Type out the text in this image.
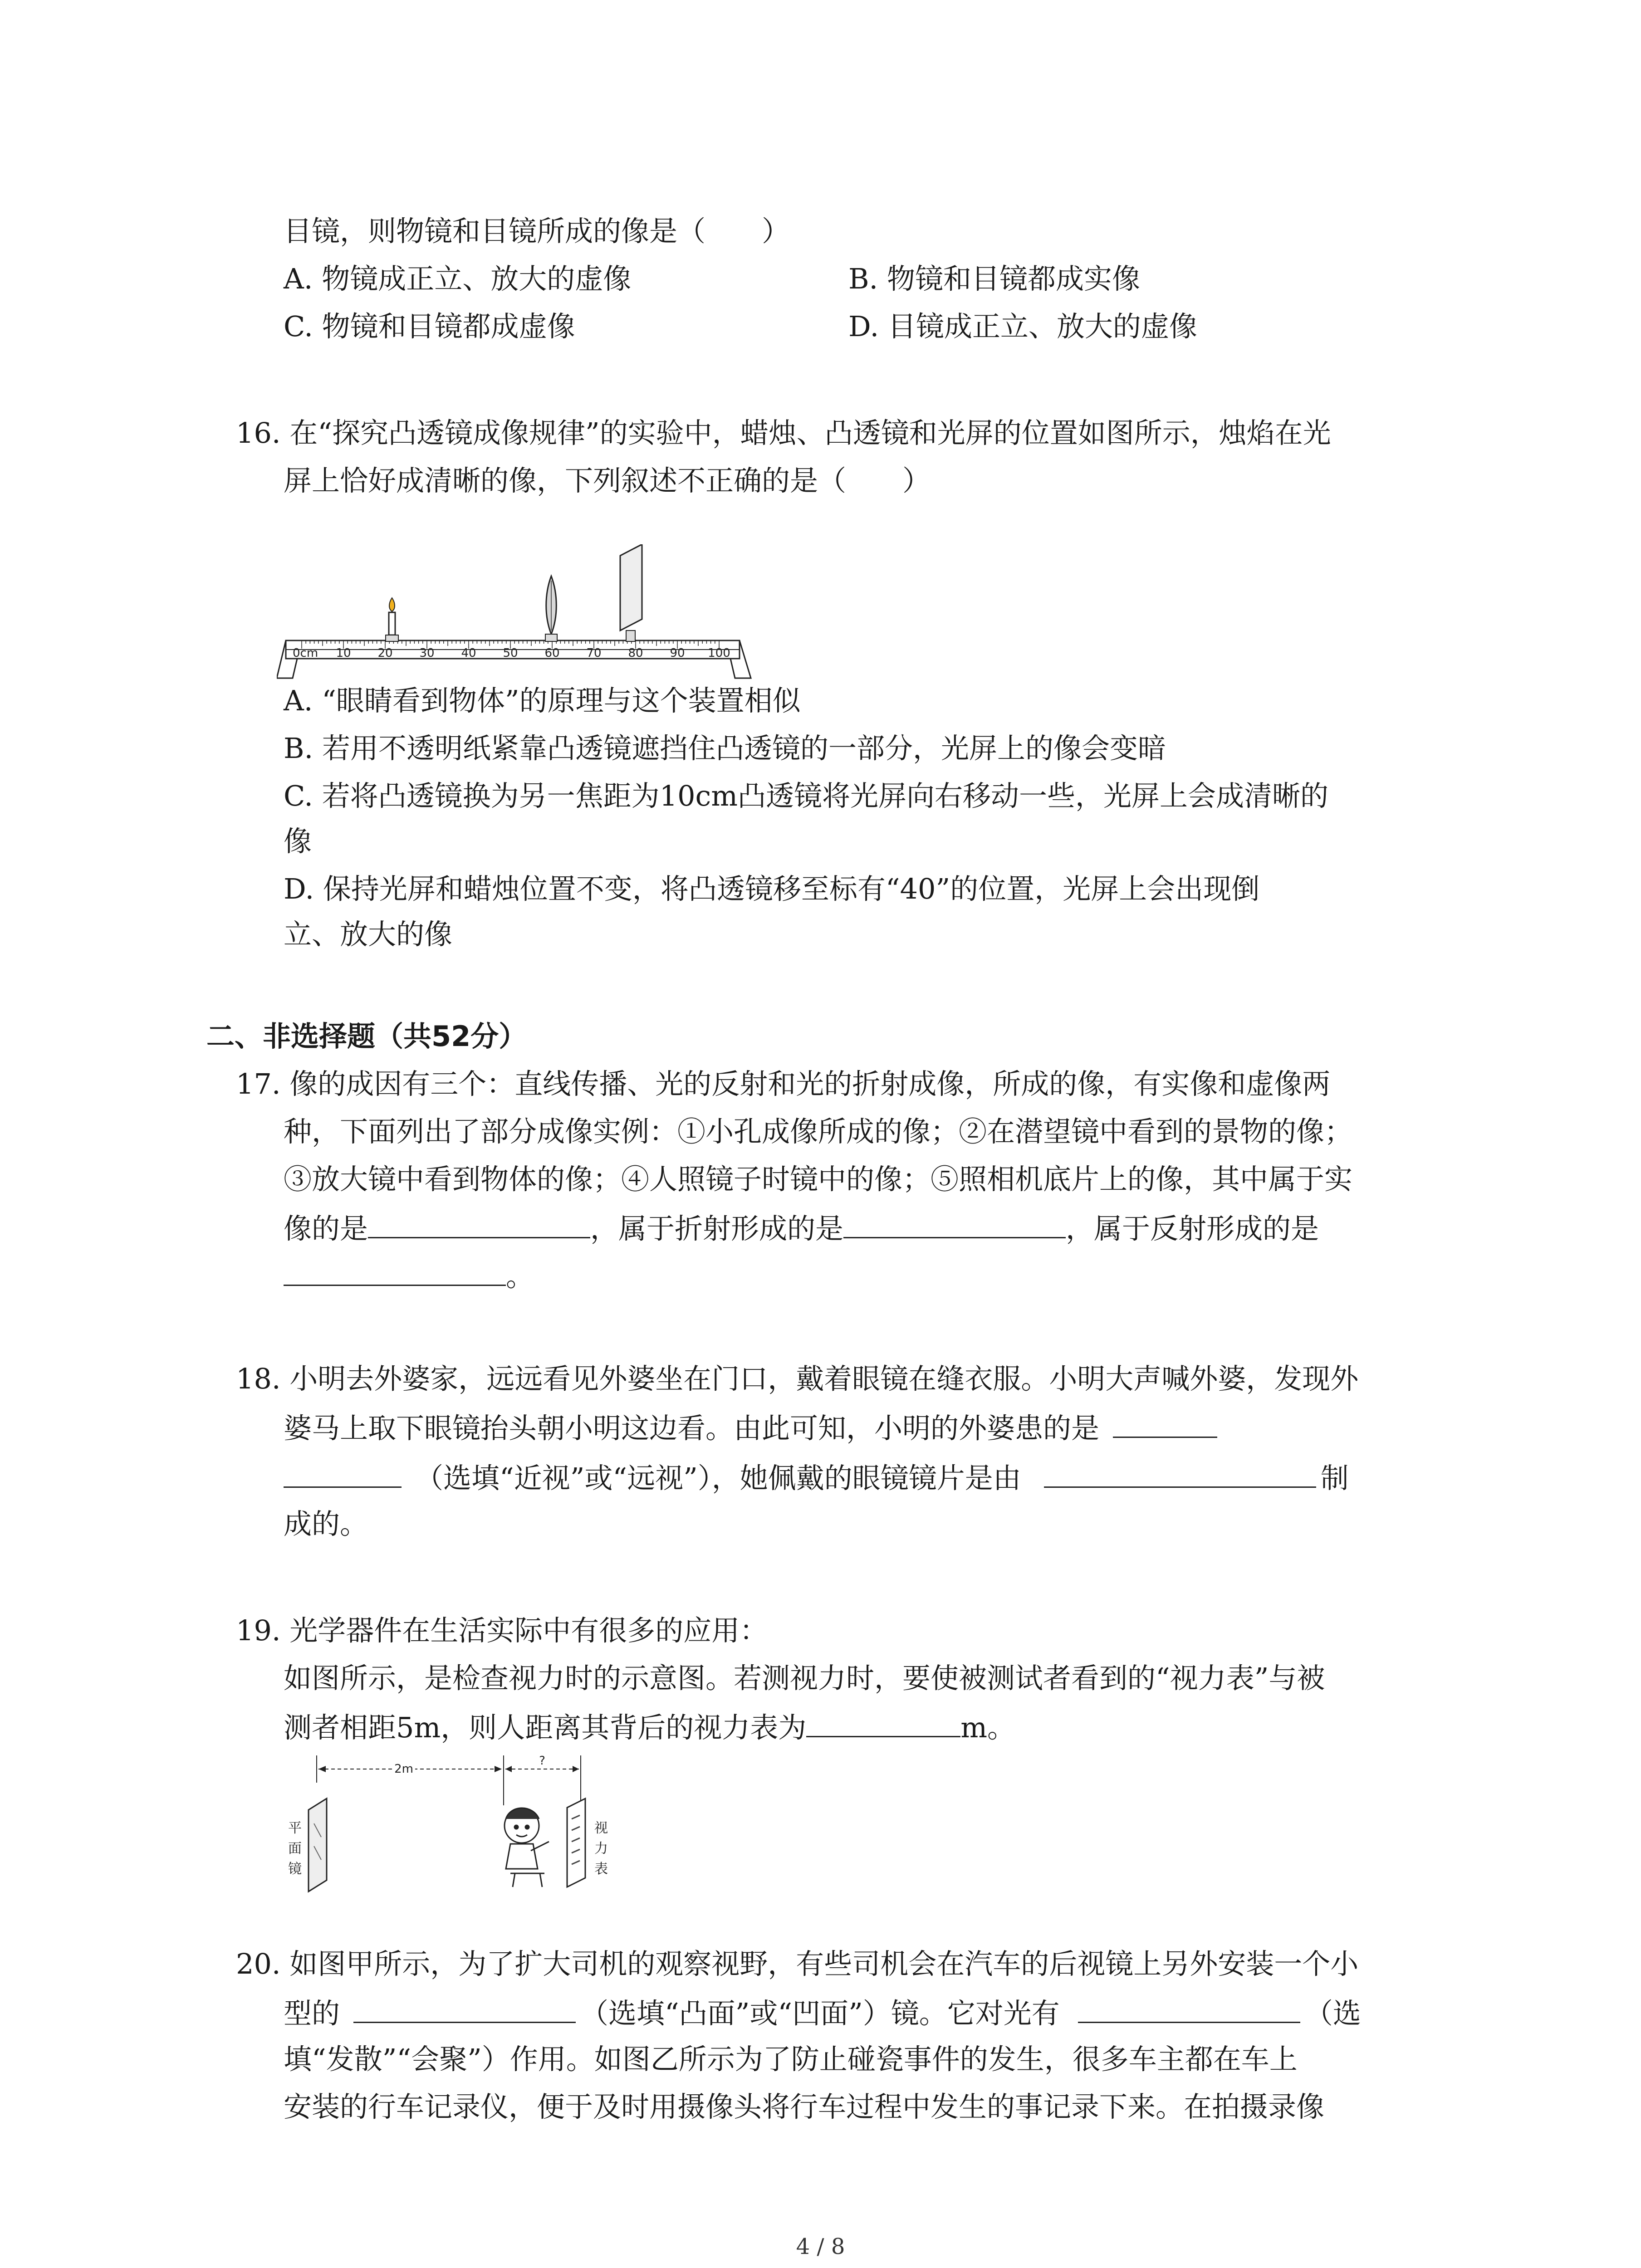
目镜，则物镜和目镜所成的像是（　　）
A. 物镜成正立、放大的虚像	B. 物镜和目镜都成实像
C. 物镜和目镜都成虚像	D. 目镜成正立、放大的虚像
16. 在“探究凸透镜成像规律”的实验中，蜡烛、凸透镜和光屏的位置如图所示，烛焰在光
屏上恰好成清晰的像，下列叙述不正确的是（　　）
0cm 10 20 30 40 50 60 70 80 90 100
A. “眼睛看到物体”的原理与这个装置相似
B. 若用不透明纸紧靠凸透镜遮挡住凸透镜的一部分，光屏上的像会变暗
C. 若将凸透镜换为另一焦距为10cm凸透镜将光屏向右移动一些，光屏上会成清晰的
像
D. 保持光屏和蜡烛位置不变，将凸透镜移至标有“40”的位置，光屏上会出现倒
立、放大的像
二、非选择题（共52分）
17. 像的成因有三个：直线传播、光的反射和光的折射成像，所成的像，有实像和虚像两
种，下面列出了部分成像实例：①小孔成像所成的像；②在潜望镜中看到的景物的像；
③放大镜中看到物体的像；④人照镜子时镜中的像；⑤照相机底片上的像，其中属于实
像的是	，属于折射形成的是	，属于反射形成的是
。
18. 小明去外婆家，远远看见外婆坐在门口，戴着眼镜在缝衣服。小明大声喊外婆，发现外
婆马上取下眼镜抬头朝小明这边看。由此可知，小明的外婆患的是
（选填“近视”或“远视”），她佩戴的眼镜镜片是由	制
成的。
19. 光学器件在生活实际中有很多的应用：
如图所示，是检查视力时的示意图。若测视力时，要使被测试者看到的“视力表”与被
测者相距5m，则人距离其背后的视力表为	m。
2m
?
平
面
镜
视
力
表
20. 如图甲所示，为了扩大司机的观察视野，有些司机会在汽车的后视镜上另外安装一个小
型的	（选填“凸面”或“凹面”）镜。它对光有	（选
填“发散”“会聚”）作用。如图乙所示为了防止碰瓷事件的发生，很多车主都在车上
安装的行车记录仪，便于及时用摄像头将行车过程中发生的事记录下来。在拍摄录像
4 / 8
